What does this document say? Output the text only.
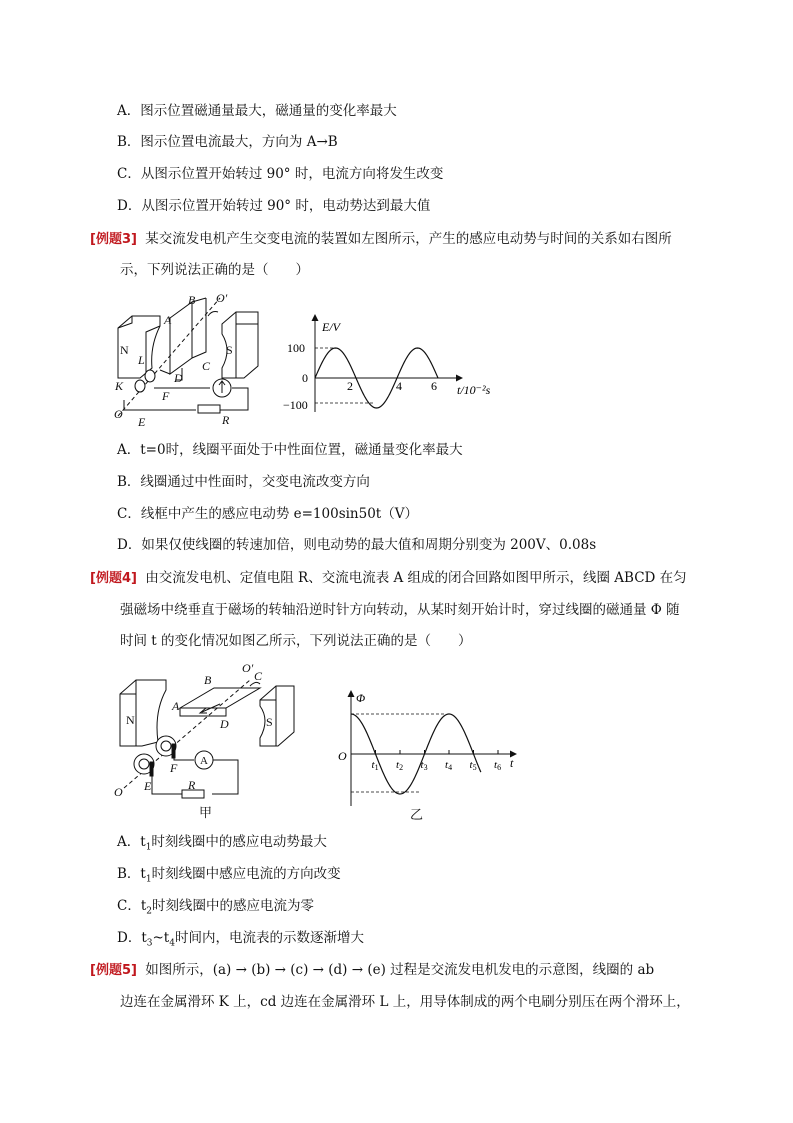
A．图示位置磁通量最大，磁通量的变化率最大
B．图示位置电流最大，方向为 A→B
C．从图示位置开始转过 90° 时，电流方向将发生改变
D．从图示位置开始转过 90° 时，电动势达到最大值
[例题3] 某交流发电机产生交变电流的装置如左图所示，产生的感应电动势与时间的关系如右图所
示，下列说法正确的是（　　）
N	S
A
B
C
D
E
F
K
L
R
O
O′
E/V
100
0
−100
2	4 6 t/10⁻²s
A．t=0时，线圈平面处于中性面位置，磁通量变化率最大
B．线圈通过中性面时，交变电流改变方向
C．线框中产生的感应电动势 e=100sin50t（V）
D．如果仅使线圈的转速加倍，则电动势的最大值和周期分别变为 200V、0.08s
[例题4] 由交流发电机、定值电阻 R、交流电流表 A 组成的闭合回路如图甲所示，线圈 ABCD 在匀
强磁场中绕垂直于磁场的转轴沿逆时针方向转动，从某时刻开始计时，穿过线圈的磁通量 Φ 随
时间 t 的变化情况如图乙所示，下列说法正确的是（　　）
N	S
A
B	C
D
E
F
R
O
O′
A
甲
t1 t2 t3 t4 t5 t6
Φ
O	t
乙
A．$t_1$时刻线圈中的感应电动势最大
B．$t_1$时刻线圈中感应电流的方向改变
C．$t_2$时刻线圈中的感应电流为零
D．$t_3\sim t_4$时间内，电流表的示数逐渐增大
[例题5] 如图所示，(a) → (b) → (c) → (d) → (e) 过程是交流发电机发电的示意图，线圈的 ab
边连在金属滑环 K 上，cd 边连在金属滑环 L 上，用导体制成的两个电刷分别压在两个滑环上，
